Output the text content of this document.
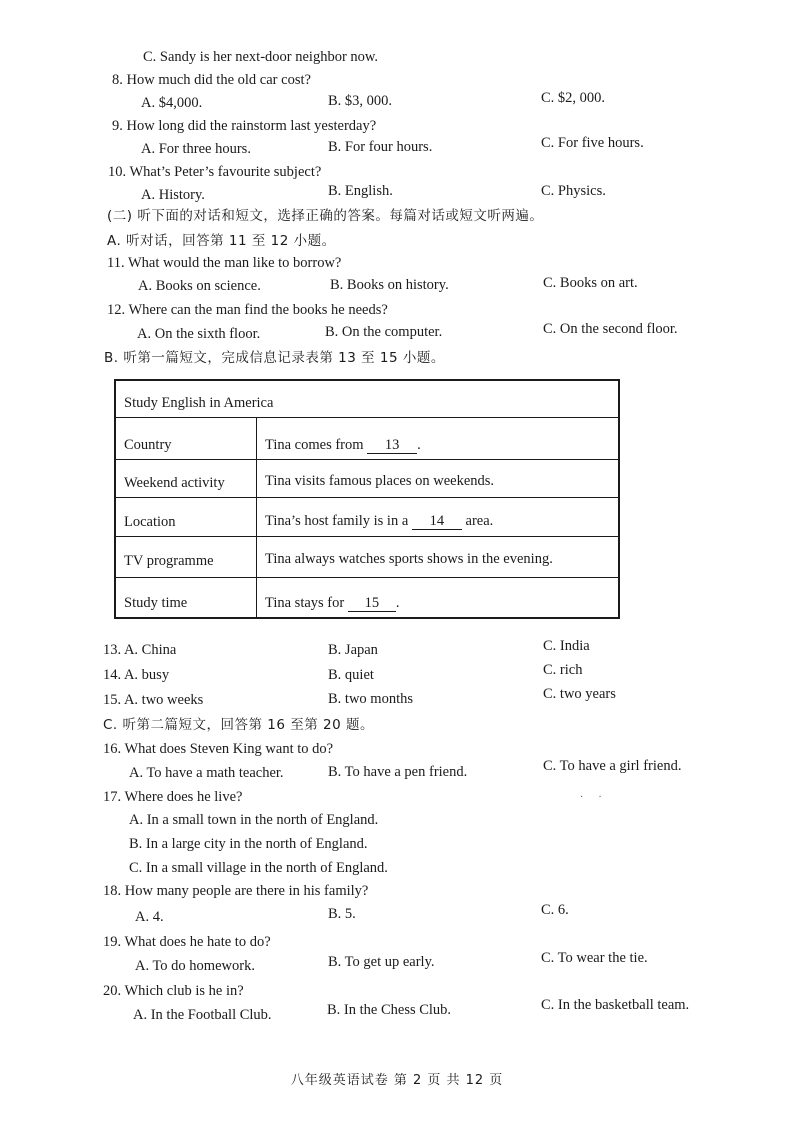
C. Sandy is her next-door neighbor now.
8. How much did the old car cost?
A. $4,000.	B. $3, 000.	C. $2, 000.
9. How long did the rainstorm last yesterday?
A. For three hours.	B. For four hours.	C. For five hours.
10. What’s Peter’s favourite subject?
A. History.	B. English.	C. Physics.
(二) 听下面的对话和短文，选择正确的答案。每篇对话或短文听两遍。
A. 听对话，回答第 11 至 12 小题。
11. What would the man like to borrow?
A. Books on science.	B. Books on history.	C. Books on art.
12. Where can the man find the books he needs?
A. On the sixth floor.	B. On the computer.	C. On the second floor.
B. 听第一篇短文，完成信息记录表第 13 至 15 小题。
Study English in America
Country	Tina comes from 13 .
Weekend activity	Tina visits famous places on weekends.
Location	Tina’s host family is in a 14 area.
TV programme	Tina always watches sports shows in the evening.
Study time	Tina stays for 15 .
13. A. China	B. Japan	C. India
14. A. busy	B. quiet	C. rich
15. A. two weeks	B. two months	C. two years
C. 听第二篇短文，回答第 16 至第 20 题。
16. What does Steven King want to do?
A. To have a math teacher.	B. To have a pen friend.	C. To have a girl friend.
17. Where does he live?	·      ·
A. In a small town in the north of England.
B. In a large city in the north of England.
C. In a small village in the north of England.
18. How many people are there in his family?
A. 4.	B. 5.	C. 6.
19. What does he hate to do?
A. To do homework.	B. To get up early.	C. To wear the tie.
20. Which club is he in?
A. In the Football Club.	B. In the Chess Club.	C. In the basketball team.
八年级英语试卷 第 2 页 共 12 页
